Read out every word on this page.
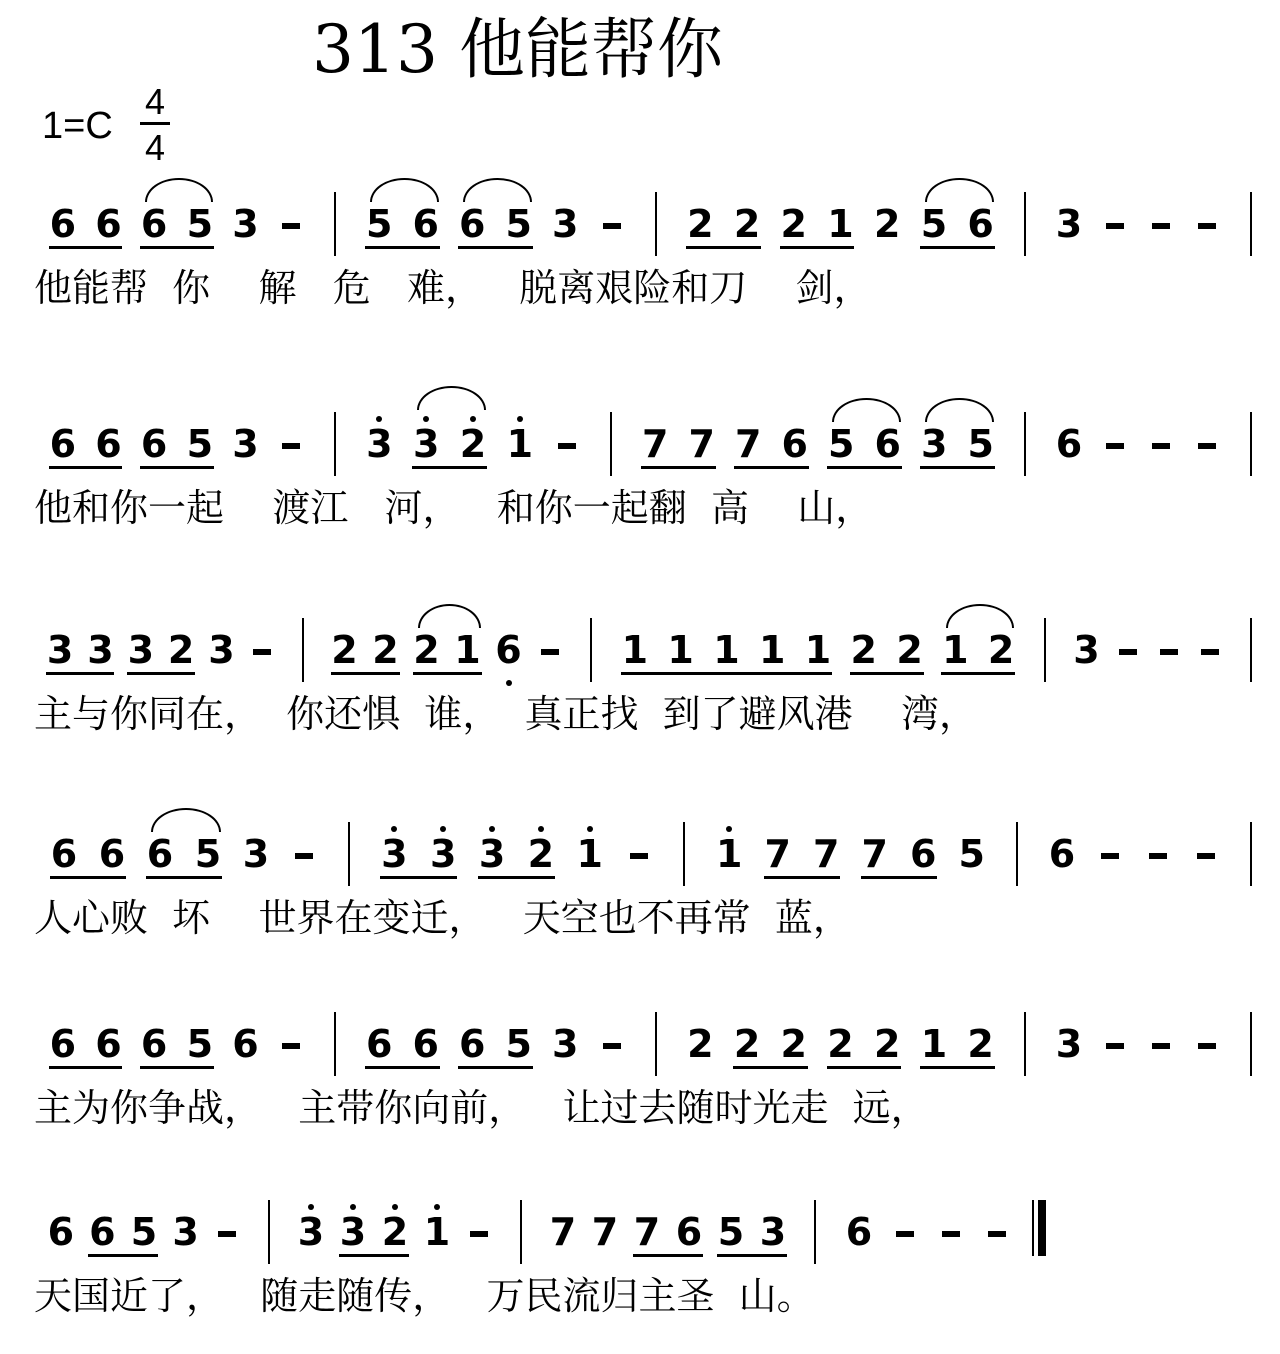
313 他能帮你
1=C
4
4
6 6 6 5 3	5 6 6 5 3	2 2 2 1 2 5 6 3
他能帮  你    解   危   难，   脱离艰险和刀    剑，
6 6 6 5 3	3 3 2 1	7 7 7 6 5 6 3 5 6
他和你一起    渡江   河，   和你一起翻  高    山，
3 3 3 2 3	2 2 2 1 6	1 1 1 1 1 2 2 1 2 3
主与你同在，  你还惧  谁，  真正找  到了避风港    湾，
6 6 6 5 3	3 3 3 2 1	1 7 7 7 6 5 6
人心败  坏    世界在变迁，   天空也不再常  蓝，
6 6 6 5 6	6 6 6 5 3	2 2 2 2 2 1 2 3
主为你争战，   主带你向前，   让过去随时光走  远，
6 6 5 3	3 3 2 1	7 7 7 6 5 3 6
天国近了，   随走随传，   万民流归主圣  山。
